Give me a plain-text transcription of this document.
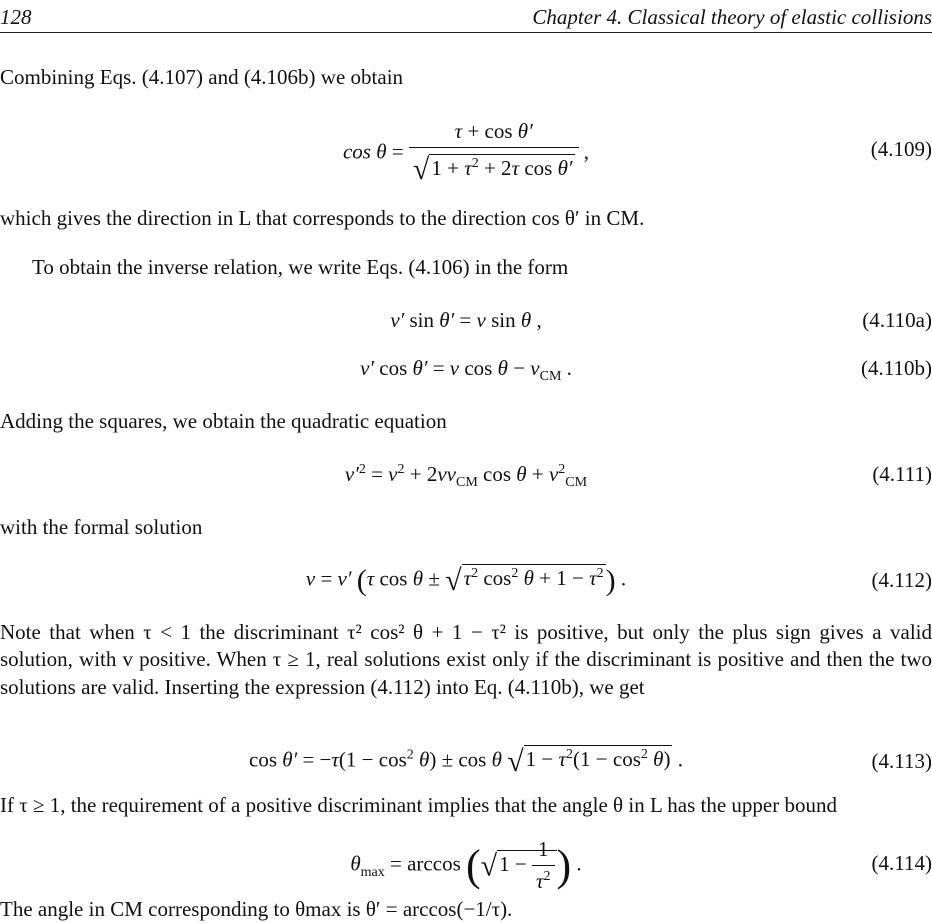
128	Chapter 4. Classical theory of elastic collisions

Combining Eqs. (4.107) and (4.106b) we obtain

$\cos \theta = \frac{\text{τ + cos θ′}}{√1 + \tau^2 + 2\tau \cos \theta'}$ ,	(4.109)

which gives the direction in L that corresponds to the direction cos θ′ in CM.

To obtain the inverse relation, we write Eqs. (4.106) in the form

v′ sin θ′ = v sin θ ,	(4.110a)
v′ cos θ′ = v $\cos \theta - v_{CM}$ .	(4.110b)

Adding the squares, we obtain the quadratic equation

$v'^2 = v^2 + 2vv_{CM}$ $\cos \theta + v^2_{CM}$	(4.111)

with the formal solution

v = v′ (τ $\cos \theta \pm √\tau^2$ $\cos^2 \theta + 1 - \tau^2$) .	(4.112)

Note that when τ < 1 the discriminant τ² cos² θ + 1 − τ² is positive, but only the plus sign gives a valid solution, with v positive. When τ ≥ 1, real solutions exist only if the discriminant is positive and then the two solutions are valid. Inserting the expression (4.112) into Eq. (4.110b), we get

$\cos \theta' = -\tau(1 - \cos^2 \theta) \pm \cos \theta$ $√1 - \tau^2(1 - \cos^2 \theta)$ .	(4.113)

If τ ≥ 1, the requirement of a positive discriminant implies that the angle θ in L has the upper bound

$\theta_{max} = \arccos (√1 - \frac{1}{\tau^2}$ ) .	(4.114)

The angle in CM corresponding to θmax is θ′ = arccos(−1/τ).
